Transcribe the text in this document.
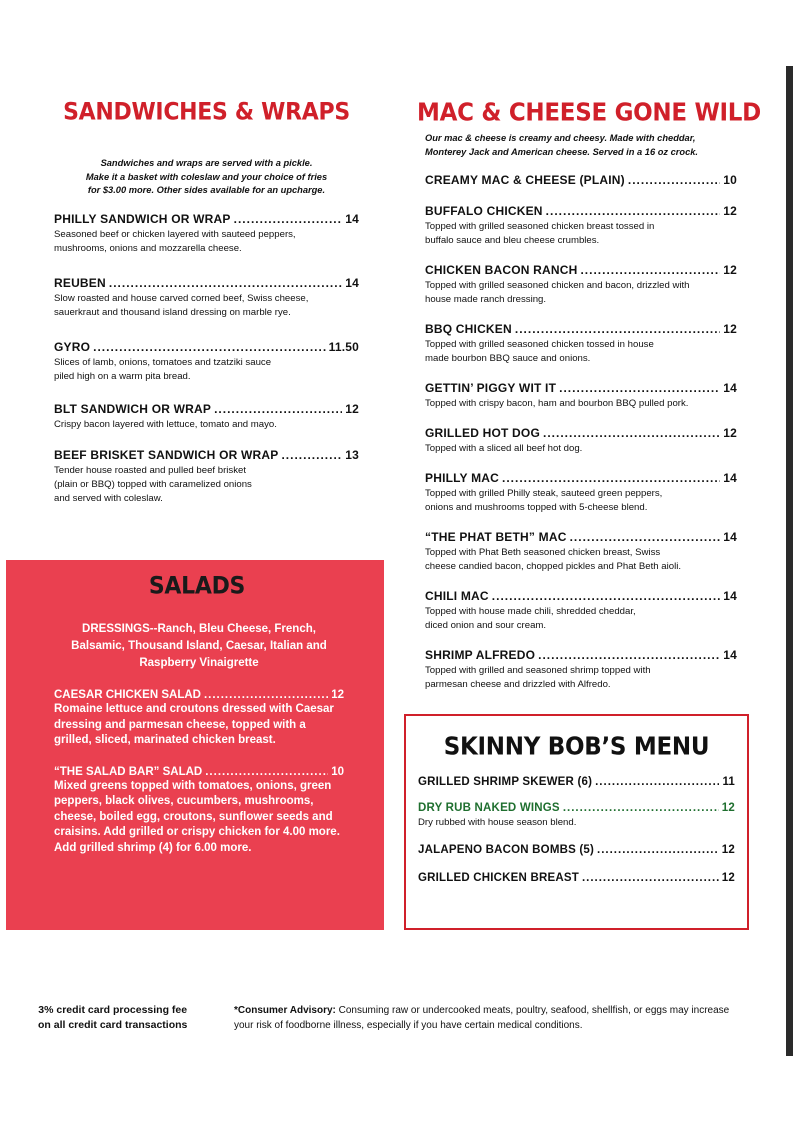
SANDWICHES & WRAPS

Sandwiches and wraps are served with a pickle.
Make it a basket with coleslaw and your choice of fries
for $3.00 more. Other sides available for an upcharge.

PHILLY SANDWICH OR WRAP .....	14
Seasoned beef or chicken layered with sauteed peppers,
mushrooms, onions and mozzarella cheese.
REUBEN .....	14
Slow roasted and house carved corned beef, Swiss cheese,
sauerkraut and thousand island dressing on marble rye.
GYRO .....	11.50
Slices of lamb, onions, tomatoes and tzatziki sauce
piled high on a warm pita bread.
BLT SANDWICH OR WRAP .....	12
Crispy bacon layered with lettuce, tomato and mayo.
BEEF BRISKET SANDWICH OR WRAP .....	13
Tender house roasted and pulled beef brisket
(plain or BBQ) topped with caramelized onions
and served with coleslaw.
SALADS
DRESSINGS--Ranch, Bleu Cheese, French, Balsamic, Thousand Island, Caesar, Italian and Raspberry Vinaigrette
CAESAR CHICKEN SALAD .....	12
Romaine lettuce and croutons dressed with Caesar dressing and parmesan cheese, topped with a grilled, sliced, marinated chicken breast.
“THE SALAD BAR” SALAD .....	10
Mixed greens topped with tomatoes, onions, green peppers, black olives, cucumbers, mushrooms, cheese, boiled egg, croutons, sunflower seeds and craisins. Add grilled or crispy chicken for 4.00 more. Add grilled shrimp (4) for 6.00 more.
MAC & CHEESE GONE WILD

Our mac & cheese is creamy and cheesy. Made with cheddar, Monterey Jack and American cheese. Served in a 16 oz crock.

CREAMY MAC & CHEESE (PLAIN) .....	10
BUFFALO CHICKEN .....	12
Topped with grilled seasoned chicken breast tossed in
buffalo sauce and bleu cheese crumbles.
CHICKEN BACON RANCH .....	12
Topped with grilled seasoned chicken and bacon, drizzled with
house made ranch dressing.
BBQ CHICKEN .....	12
Topped with grilled seasoned chicken tossed in house
made bourbon BBQ sauce and onions.
GETTIN’ PIGGY WIT IT .....	14
Topped with crispy bacon, ham and bourbon BBQ pulled pork.
GRILLED HOT DOG .....	12
Topped with a sliced all beef hot dog.
PHILLY MAC .....	14
Topped with grilled Philly steak, sauteed green peppers,
onions and mushrooms topped with 5-cheese blend.
“THE PHAT BETH” MAC .....	14
Topped with Phat Beth seasoned chicken breast, Swiss
cheese candied bacon, chopped pickles and Phat Beth aioli.
CHILI MAC .....	14
Topped with house made chili, shredded cheddar,
diced onion and sour cream.
SHRIMP ALFREDO .....	14
Topped with grilled and seasoned shrimp topped with
parmesan cheese and drizzled with Alfredo.
SKINNY BOB’S MENU
GRILLED SHRIMP SKEWER (6) .....	11
DRY RUB NAKED WINGS .....	12
Dry rubbed with house season blend.
JALAPENO BACON BOMBS (5) .....	12
GRILLED CHICKEN BREAST .....	12
3% credit card processing fee
on all credit card transactions
*Consumer Advisory: Consuming raw or undercooked meats, poultry, seafood, shellfish, or eggs may increase your risk of foodborne illness, especially if you have certain medical conditions.
